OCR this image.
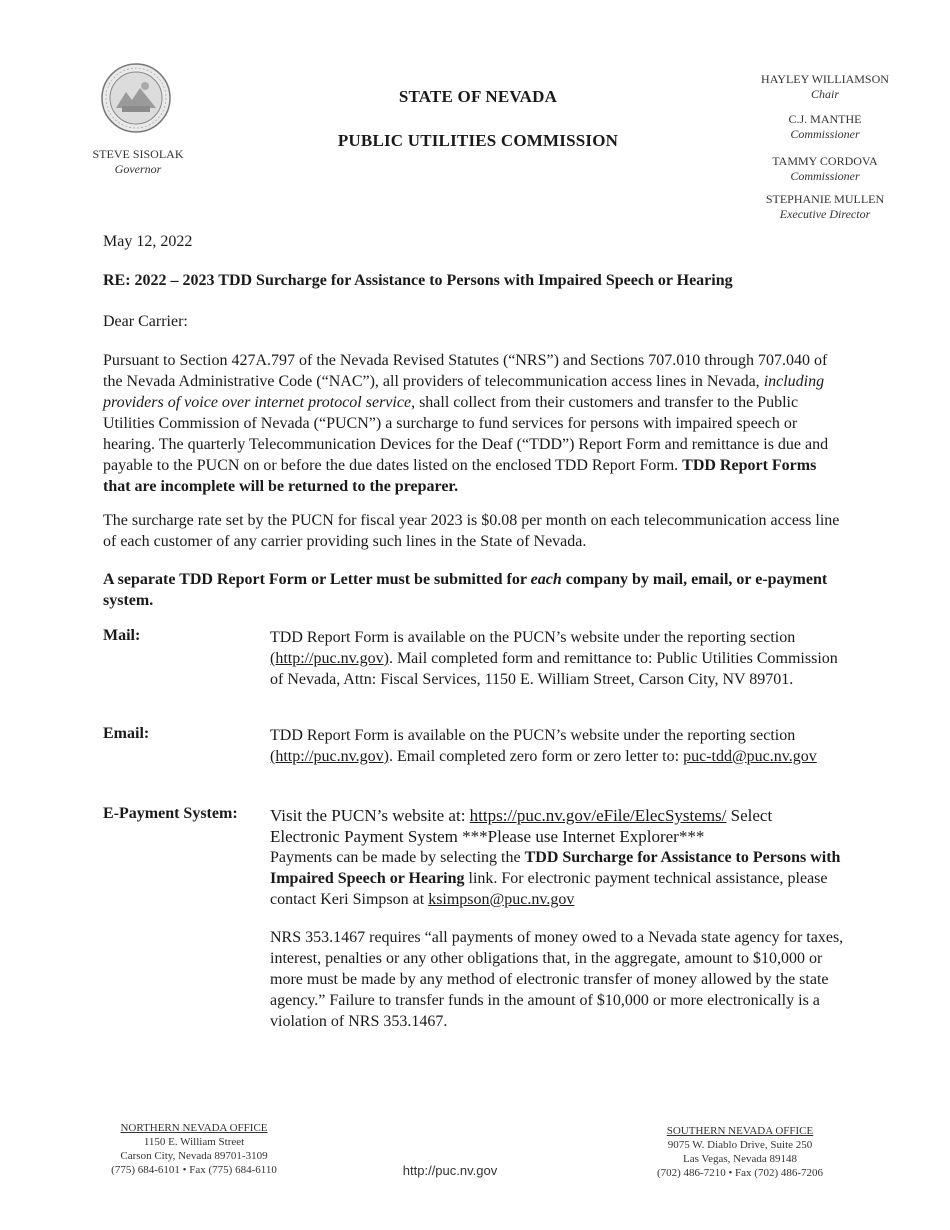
STEVE SISOLAK
Governor
STATE OF NEVADA
PUBLIC UTILITIES COMMISSION
HAYLEY WILLIAMSON
Chair
C.J. MANTHE
Commissioner
TAMMY CORDOVA
Commissioner
STEPHANIE MULLEN
Executive Director
May 12, 2022
RE: 2022 – 2023 TDD Surcharge for Assistance to Persons with Impaired Speech or Hearing
Dear Carrier:
Pursuant to Section 427A.797 of the Nevada Revised Statutes (“NRS”) and Sections 707.010 through 707.040 of the Nevada Administrative Code (“NAC”), all providers of telecommunication access lines in Nevada, including providers of voice over internet protocol service, shall collect from their customers and transfer to the Public Utilities Commission of Nevada (“PUCN”) a surcharge to fund services for persons with impaired speech or hearing. The quarterly Telecommunication Devices for the Deaf (“TDD”) Report Form and remittance is due and payable to the PUCN on or before the due dates listed on the enclosed TDD Report Form. TDD Report Forms that are incomplete will be returned to the preparer.
The surcharge rate set by the PUCN for fiscal year 2023 is $0.08 per month on each telecommunication access line of each customer of any carrier providing such lines in the State of Nevada.
A separate TDD Report Form or Letter must be submitted for each company by mail, email, or e-payment system.
Mail:	TDD Report Form is available on the PUCN’s website under the reporting section (http://puc.nv.gov). Mail completed form and remittance to: Public Utilities Commission of Nevada, Attn: Fiscal Services, 1150 E. William Street, Carson City, NV 89701.
Email:	TDD Report Form is available on the PUCN’s website under the reporting section (http://puc.nv.gov). Email completed zero form or zero letter to: puc-tdd@puc.nv.gov
E-Payment System: Visit the PUCN’s website at: https://puc.nv.gov/eFile/ElecSystems/ Select Electronic Payment System ***Please use Internet Explorer***
Payments can be made by selecting the TDD Surcharge for Assistance to Persons with Impaired Speech or Hearing link. For electronic payment technical assistance, please contact Keri Simpson at ksimpson@puc.nv.gov
NRS 353.1467 requires “all payments of money owed to a Nevada state agency for taxes, interest, penalties or any other obligations that, in the aggregate, amount to $10,000 or more must be made by any method of electronic transfer of money allowed by the state agency.” Failure to transfer funds in the amount of $10,000 or more electronically is a violation of NRS 353.1467.
NORTHERN NEVADA OFFICE
1150 E. William Street
Carson City, Nevada 89701-3109
(775) 684-6101 • Fax (775) 684-6110	http://puc.nv.gov
SOUTHERN NEVADA OFFICE
9075 W. Diablo Drive, Suite 250
Las Vegas, Nevada 89148
(702) 486-7210 • Fax (702) 486-7206
